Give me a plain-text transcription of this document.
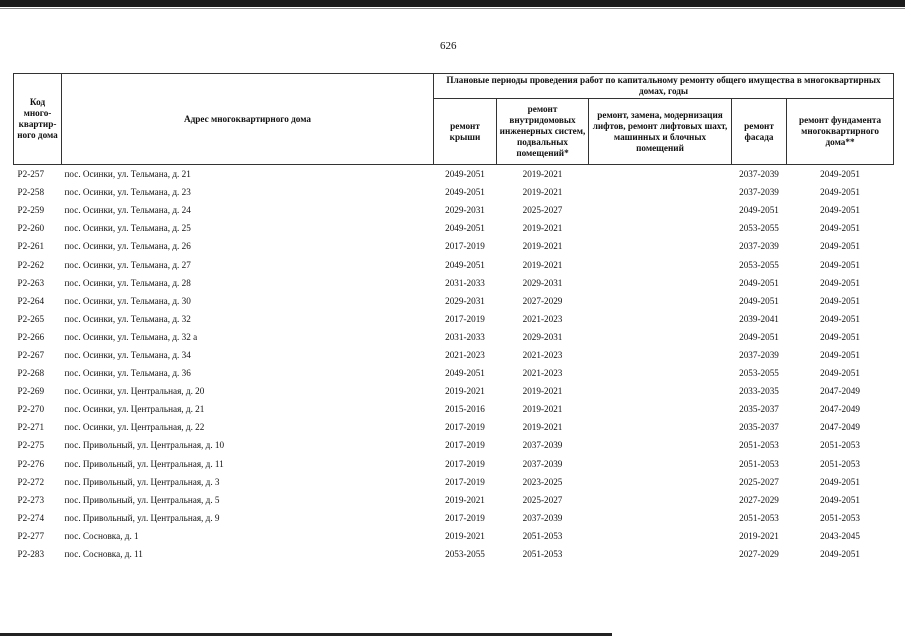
626
Код много-квартир-ного дома	Адрес многоквартирного дома	Плановые периоды проведения работ по капитальному ремонту общего имущества в многоквартирных домах, годы				
		ремонт крыши	ремонт внутридомовых инженерных систем, подвальных помещений*	ремонт, замена, модернизация лифтов, ремонт лифтовых шахт, машинных и блочных помещений	ремонт фасада	ремонт фундамента многоквартирного дома**
Р2-257	пос. Осинки, ул. Тельмана, д. 21	2049-2051	2019-2021		2037-2039	2049-2051
Р2-258	пос. Осинки, ул. Тельмана, д. 23	2049-2051	2019-2021		2037-2039	2049-2051
Р2-259	пос. Осинки, ул. Тельмана, д. 24	2029-2031	2025-2027		2049-2051	2049-2051
Р2-260	пос. Осинки, ул. Тельмана, д. 25	2049-2051	2019-2021		2053-2055	2049-2051
Р2-261	пос. Осинки, ул. Тельмана, д. 26	2017-2019	2019-2021		2037-2039	2049-2051
Р2-262	пос. Осинки, ул. Тельмана, д. 27	2049-2051	2019-2021		2053-2055	2049-2051
Р2-263	пос. Осинки, ул. Тельмана, д. 28	2031-2033	2029-2031		2049-2051	2049-2051
Р2-264	пос. Осинки, ул. Тельмана, д. 30	2029-2031	2027-2029		2049-2051	2049-2051
Р2-265	пос. Осинки, ул. Тельмана, д. 32	2017-2019	2021-2023		2039-2041	2049-2051
Р2-266	пос. Осинки, ул. Тельмана, д. 32 а	2031-2033	2029-2031		2049-2051	2049-2051
Р2-267	пос. Осинки, ул. Тельмана, д. 34	2021-2023	2021-2023		2037-2039	2049-2051
Р2-268	пос. Осинки, ул. Тельмана, д. 36	2049-2051	2021-2023		2053-2055	2049-2051
Р2-269	пос. Осинки, ул. Центральная, д. 20	2019-2021	2019-2021		2033-2035	2047-2049
Р2-270	пос. Осинки, ул. Центральная, д. 21	2015-2016	2019-2021		2035-2037	2047-2049
Р2-271	пос. Осинки, ул. Центральная, д. 22	2017-2019	2019-2021		2035-2037	2047-2049
Р2-275	пос. Привольный, ул. Центральная, д. 10	2017-2019	2037-2039		2051-2053	2051-2053
Р2-276	пос. Привольный, ул. Центральная, д. 11	2017-2019	2037-2039		2051-2053	2051-2053
Р2-272	пос. Привольный, ул. Центральная, д. 3	2017-2019	2023-2025		2025-2027	2049-2051
Р2-273	пос. Привольный, ул. Центральная, д. 5	2019-2021	2025-2027		2027-2029	2049-2051
Р2-274	пос. Привольный, ул. Центральная, д. 9	2017-2019	2037-2039		2051-2053	2051-2053
Р2-277	пос. Сосновка, д. 1	2019-2021	2051-2053		2019-2021	2043-2045
Р2-283	пос. Сосновка, д. 11	2053-2055	2051-2053		2027-2029	2049-2051
